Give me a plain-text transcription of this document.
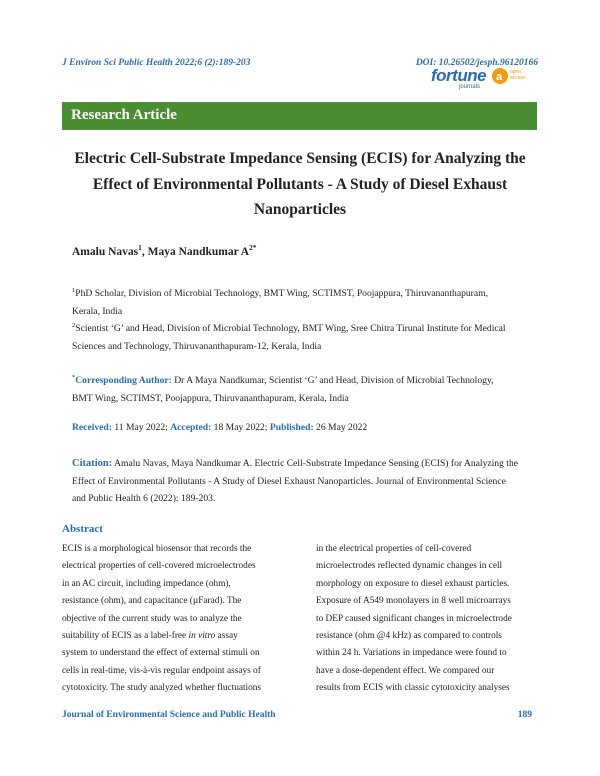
J Environ Sci Public Health 2022;6 (2):189-203	DOI: 10.26502/jesph.96120166
fortune
journals
a open access
Research Article
Electric Cell-Substrate Impedance Sensing (ECIS) for Analyzing the
Effect of Environmental Pollutants - A Study of Diesel Exhaust
Nanoparticles
Amalu Navas$^1$, Maya Nandkumar $A^{2*}$
$^1$PhD Scholar, Division of Microbial Technology, BMT Wing, SCTIMST, Poojappura, Thiruvananthapuram,
Kerala, India
$^2$Scientist ‘G’ and Head, Division of Microbial Technology, BMT Wing, Sree Chitra Tirunal Institute for Medical
Sciences and Technology, Thiruvananthapuram-12, Kerala, India
*Corresponding Author: Dr A Maya Nandkumar, Scientist ‘G’ and Head, Division of Microbial Technology,
BMT Wing, SCTIMST, Poojappura, Thiruvananthapuram, Kerala, India
Received: 11 May 2022; Accepted: 18 May 2022; Published: 26 May 2022
Citation: Amalu Navas, Maya Nandkumar A. Electric Cell-Substrate Impedance Sensing (ECIS) for Analyzing the
Effect of Environmental Pollutants - A Study of Diesel Exhaust Nanoparticles. Journal of Environmental Science
and Public Health 6 (2022): 189-203.
Abstract

ECIS is a morphological biosensor that records the

electrical properties of cell-covered microelectrodes

in an AC circuit, including impedance (ohm),

resistance (ohm), and capacitance (µFarad). The

objective of the current study was to analyze the

suitability of ECIS as a label-free in vitro assay

system to understand the effect of external stimuli on

cells in real-time, vis-à-vis regular endpoint assays of

cytotoxicity. The study analyzed whether fluctuations

in the electrical properties of cell-covered

microelectrodes reflected dynamic changes in cell

morphology on exposure to diesel exhaust particles.

Exposure of A549 monolayers in 8 well microarrays

to DEP caused significant changes in microelectrode

resistance (ohm @4 kHz) as compared to controls

within 24 h. Variations in impedance were found to

have a dose-dependent effect. We compared our

results from ECIS with classic cytotoxicity analyses

Journal of Environmental Science and Public Health	189
